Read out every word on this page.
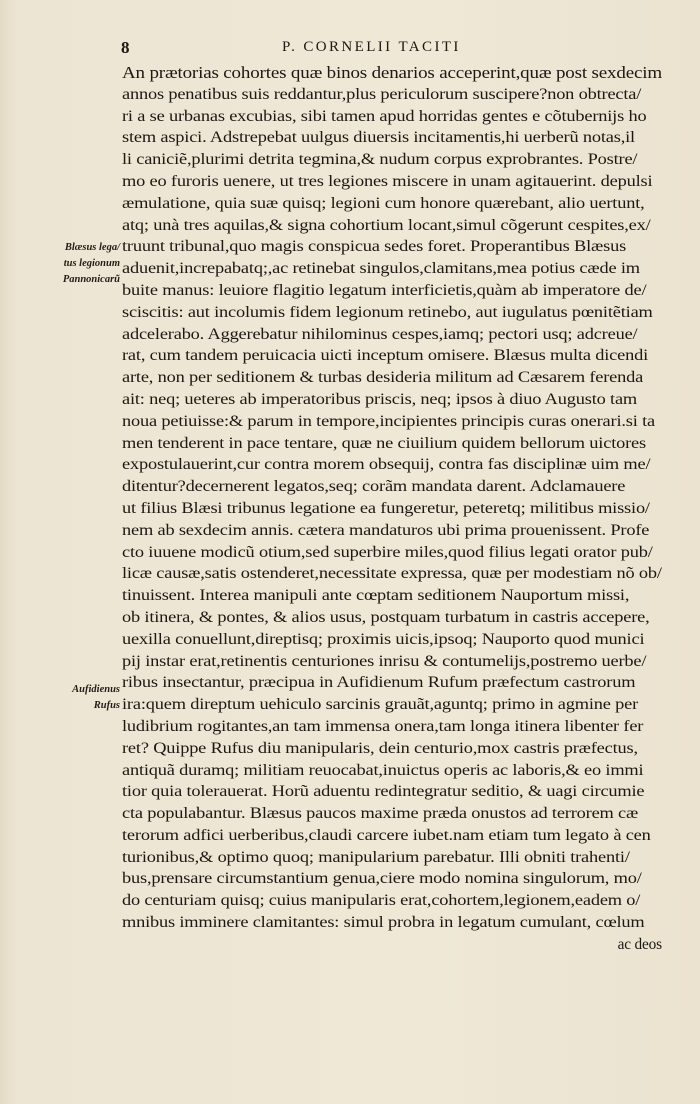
8	P. CORNELII TACITI
Blæsus lega/
tus legionum
Pannonicarũ
Aufidienus
Rufus
An prætorias cohortes quæ binos denarios acceperint,quæ post sexdecim
annos penatibus suis reddantur,plus periculorum suscipere?non obtrecta/
ri a se urbanas excubias, sibi tamen apud horridas gentes e cõtubernijs ho
stem aspici. Adstrepebat uulgus diuersis incitamentis,hi uerberũ notas,il
li caniciẽ,plurimi detrita tegmina,& nudum corpus exprobrantes. Postre/
mo eo furoris uenere, ut tres legiones miscere in unam agitauerint. depulsi
æmulatione, quia suæ quisq; legioni cum honore quærebant, alio uertunt,
atq; unà tres aquilas,& signa cohortium locant,simul cõgerunt cespites,ex/
truunt tribunal,quo magis conspicua sedes foret. Properantibus Blæsus
aduenit,increpabatq;,ac retinebat singulos,clamitans,mea potius cæde im
buite manus: leuiore flagitio legatum interficietis,quàm ab imperatore de/
sciscitis: aut incolumis fidem legionum retinebo, aut iugulatus pœnitẽtiam
adcelerabo. Aggerebatur nihilominus cespes,iamq; pectori usq; adcreue/
rat, cum tandem peruicacia uicti inceptum omisere. Blæsus multa dicendi
arte, non per seditionem & turbas desideria militum ad Cæsarem ferenda
ait: neq; ueteres ab imperatoribus priscis, neq; ipsos à diuo Augusto tam
noua petiuisse:& parum in tempore,incipientes principis curas onerari.si ta
men tenderent in pace tentare, quæ ne ciuilium quidem bellorum uictores
expostulauerint,cur contra morem obsequij, contra fas disciplinæ uim me/
ditentur?decernerent legatos,seq; corãm mandata darent. Adclamauere
ut filius Blæsi tribunus legatione ea fungeretur, peteretq; militibus missio/
nem ab sexdecim annis. cætera mandaturos ubi prima prouenissent. Profe
cto iuuene modicũ otium,sed superbire miles,quod filius legati orator pub/
licæ causæ,satis ostenderet,necessitate expressa, quæ per modestiam nõ ob/
tinuissent. Interea manipuli ante cœptam seditionem Nauportum missi,
ob itinera, & pontes, & alios usus, postquam turbatum in castris accepere,
uexilla conuellunt,direptisq; proximis uicis,ipsoq; Nauporto quod munici
pij instar erat,retinentis centuriones inrisu & contumelijs,postremo uerbe/
ribus insectantur, præcipua in Aufidienum Rufum præfectum castrorum
ira:quem direptum uehiculo sarcinis grauãt,aguntq; primo in agmine per
ludibrium rogitantes,an tam immensa onera,tam longa itinera libenter fer
ret? Quippe Rufus diu manipularis, dein centurio,mox castris præfectus,
antiquã duramq; militiam reuocabat,inuictus operis ac laboris,& eo immi
tior quia tolerauerat. Horũ aduentu redintegratur seditio, & uagi circumie
cta populabantur. Blæsus paucos maxime præda onustos ad terrorem cæ
terorum adfici uerberibus,claudi carcere iubet.nam etiam tum legato à cen
turionibus,& optimo quoq; manipularium parebatur. Illi obniti trahenti/
bus,prensare circumstantium genua,ciere modo nomina singulorum, mo/
do centuriam quisq; cuius manipularis erat,cohortem,legionem,eadem o/
mnibus imminere clamitantes: simul probra in legatum cumulant, cœlum
ac deos
